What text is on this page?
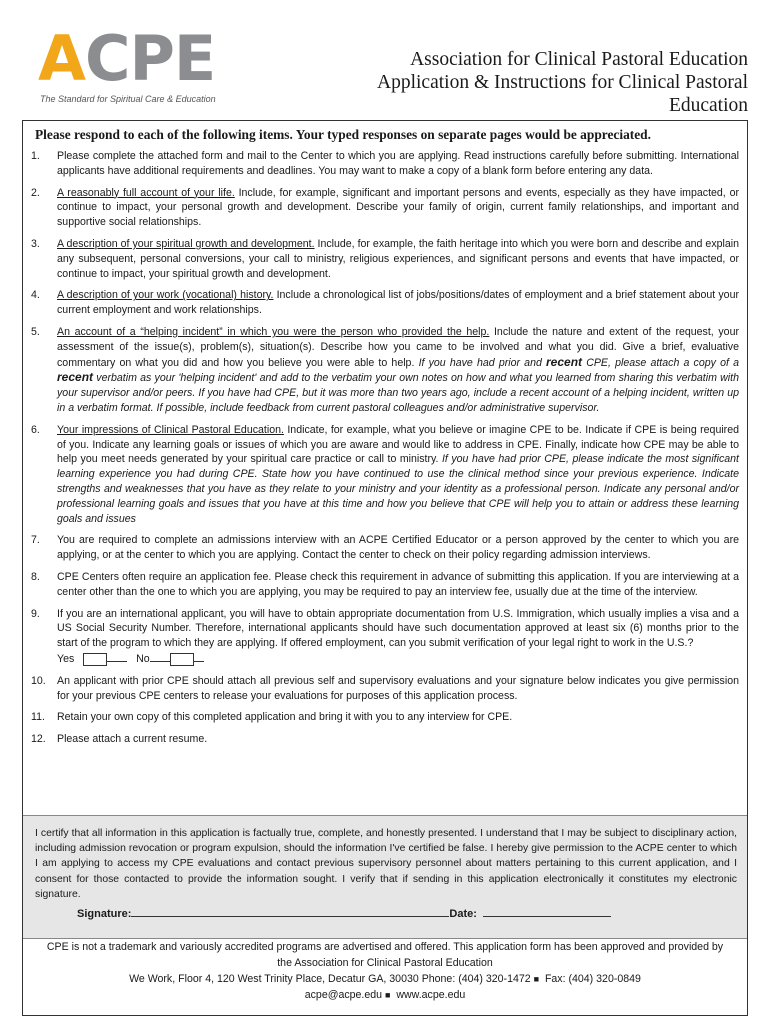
ACPE
The Standard for Spiritual Care & Education
Association for Clinical Pastoral Education
Application & Instructions for Clinical Pastoral
Education
Please respond to each of the following items. Your typed responses on separate pages would be appreciated.
1.	Please complete the attached form and mail to the Center to which you are applying. Read instructions carefully before submitting. International applicants have additional requirements and deadlines. You may want to make a copy of a blank form before entering any data.
2.	A reasonably full account of your life. Include, for example, significant and important persons and events, especially as they have impacted, or continue to impact, your personal growth and development. Describe your family of origin, current family relationships, and important and supportive social relationships.
3.	A description of your spiritual growth and development. Include, for example, the faith heritage into which you were born and describe and explain any subsequent, personal conversions, your call to ministry, religious experiences, and significant persons and events that have impacted, or continue to impact, your spiritual growth and development.
4.	A description of your work (vocational) history. Include a chronological list of jobs/positions/dates of employment and a brief statement about your current employment and work relationships.
5.	An account of a “helping incident” in which you were the person who provided the help. Include the nature and extent of the request, your assessment of the issue(s), problem(s), situation(s). Describe how you came to be involved and what you did. Give a brief, evaluative commentary on what you did and how you believe you were able to help. If you have had prior and recent CPE, please attach a copy of a recent verbatim as your 'helping incident' and add to the verbatim your own notes on how and what you learned from sharing this verbatim with your supervisor and/or peers. If you have had CPE, but it was more than two years ago, include a recent account of a helping incident, written up in a verbatim format. If possible, include feedback from current pastoral colleagues and/or administrative supervisor.
6.	Your impressions of Clinical Pastoral Education. Indicate, for example, what you believe or imagine CPE to be. Indicate if CPE is being required of you. Indicate any learning goals or issues of which you are aware and would like to address in CPE. Finally, indicate how CPE may be able to help you meet needs generated by your spiritual care practice or call to ministry. If you have had prior CPE, please indicate the most significant learning experience you had during CPE. State how you have continued to use the clinical method since your previous experience. Indicate strengths and weaknesses that you have as they relate to your ministry and your identity as a professional person. Indicate any personal and/or professional learning goals and issues that you have at this time and how you believe that CPE will help you to attain or address these learning goals and issues
7.	You are required to complete an admissions interview with an ACPE Certified Educator or a person approved by the center to which you are applying, or at the center to which you are applying. Contact the center to check on their policy regarding admission interviews.
8.	CPE Centers often require an application fee. Please check this requirement in advance of submitting this application. If you are interviewing at a center other than the one to which you are applying, you may be required to pay an interview fee, usually due at the time of the interview.
9.	If you are an international applicant, you will have to obtain appropriate documentation from U.S. Immigration, which usually implies a visa and a US Social Security Number. Therefore, international applicants should have such documentation approved at least six (6) months prior to the start of the program to which they are applying. If offered employment, can you submit verification of your legal right to work in the U.S.?
Yes	No
10.	An applicant with prior CPE should attach all previous self and supervisory evaluations and your signature below indicates you give permission for your previous CPE centers to release your evaluations for purposes of this application process.
11.	Retain your own copy of this completed application and bring it with you to any interview for CPE.
12.	Please attach a current resume.
I certify that all information in this application is factually true, complete, and honestly presented. I understand that I may be subject to disciplinary action, including admission revocation or program expulsion, should the information I've certified be false. I hereby give permission to the ACPE center to which I am applying to access my CPE evaluations and contact previous supervisory personnel about matters pertaining to this current application, and I consent for those contacted to provide the information sought. I verify that if sending in this application electronically it constitutes my electronic signature.
Signature:	Date:
CPE is not a trademark and variously accredited programs are advertised and offered. This application form has been approved and provided by
the Association for Clinical Pastoral Education
We Work, Floor 4, 120 West Trinity Place, Decatur GA, 30030 Phone: (404) 320-1472 ■ Fax: (404) 320-0849
acpe@acpe.edu ■ www.acpe.edu
